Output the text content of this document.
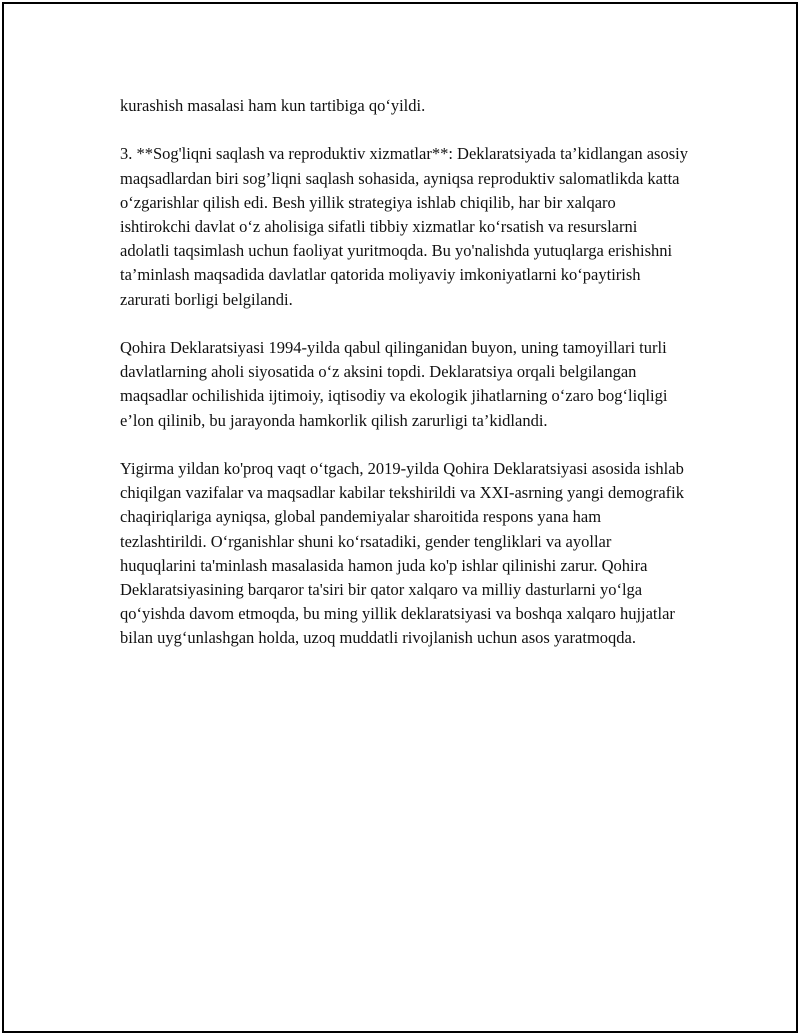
kurashish masalasi ham kun tartibiga qo‘yildi.

3. **Sog'liqni saqlash va reproduktiv xizmatlar**: Deklaratsiyada ta’kidlangan asosiy maqsadlardan biri sog’liqni saqlash sohasida, ayniqsa reproduktiv salomatlikda katta o‘zgarishlar qilish edi. Besh yillik strategiya ishlab chiqilib, har bir xalqaro ishtirokchi davlat o‘z aholisiga sifatli tibbiy xizmatlar ko‘rsatish va resurslarni adolatli taqsimlash uchun faoliyat yuritmoqda. Bu yo'nalishda yutuqlarga erishishni ta’minlash maqsadida davlatlar qatorida moliyaviy imkoniyatlarni ko‘paytirish zarurati borligi belgilandi.

Qohira Deklaratsiyasi 1994-yilda qabul qilinganidan buyon, uning tamoyillari turli davlatlarning aholi siyosatida o‘z aksini topdi. Deklaratsiya orqali belgilangan maqsadlar ochilishida ijtimoiy, iqtisodiy va ekologik jihatlarning o‘zaro bog‘liqligi e’lon qilinib, bu jarayonda hamkorlik qilish zarurligi ta’kidlandi.

Yigirma yildan ko'proq vaqt o‘tgach, 2019-yilda Qohira Deklaratsiyasi asosida ishlab chiqilgan vazifalar va maqsadlar kabilar tekshirildi va XXI-asrning yangi demografik chaqiriqlariga ayniqsa, global pandemiyalar sharoitida respons yana ham tezlashtirildi. O‘rganishlar shuni ko‘rsatadiki, gender tengliklari va ayollar huquqlarini ta'minlash masalasida hamon juda ko'p ishlar qilinishi zarur. Qohira Deklaratsiyasining barqaror ta'siri bir qator xalqaro va milliy dasturlarni yo‘lga qo‘yishda davom etmoqda, bu ming yillik deklaratsiyasi va boshqa xalqaro hujjatlar bilan uyg‘unlashgan holda, uzoq muddatli rivojlanish uchun asos yaratmoqda.
